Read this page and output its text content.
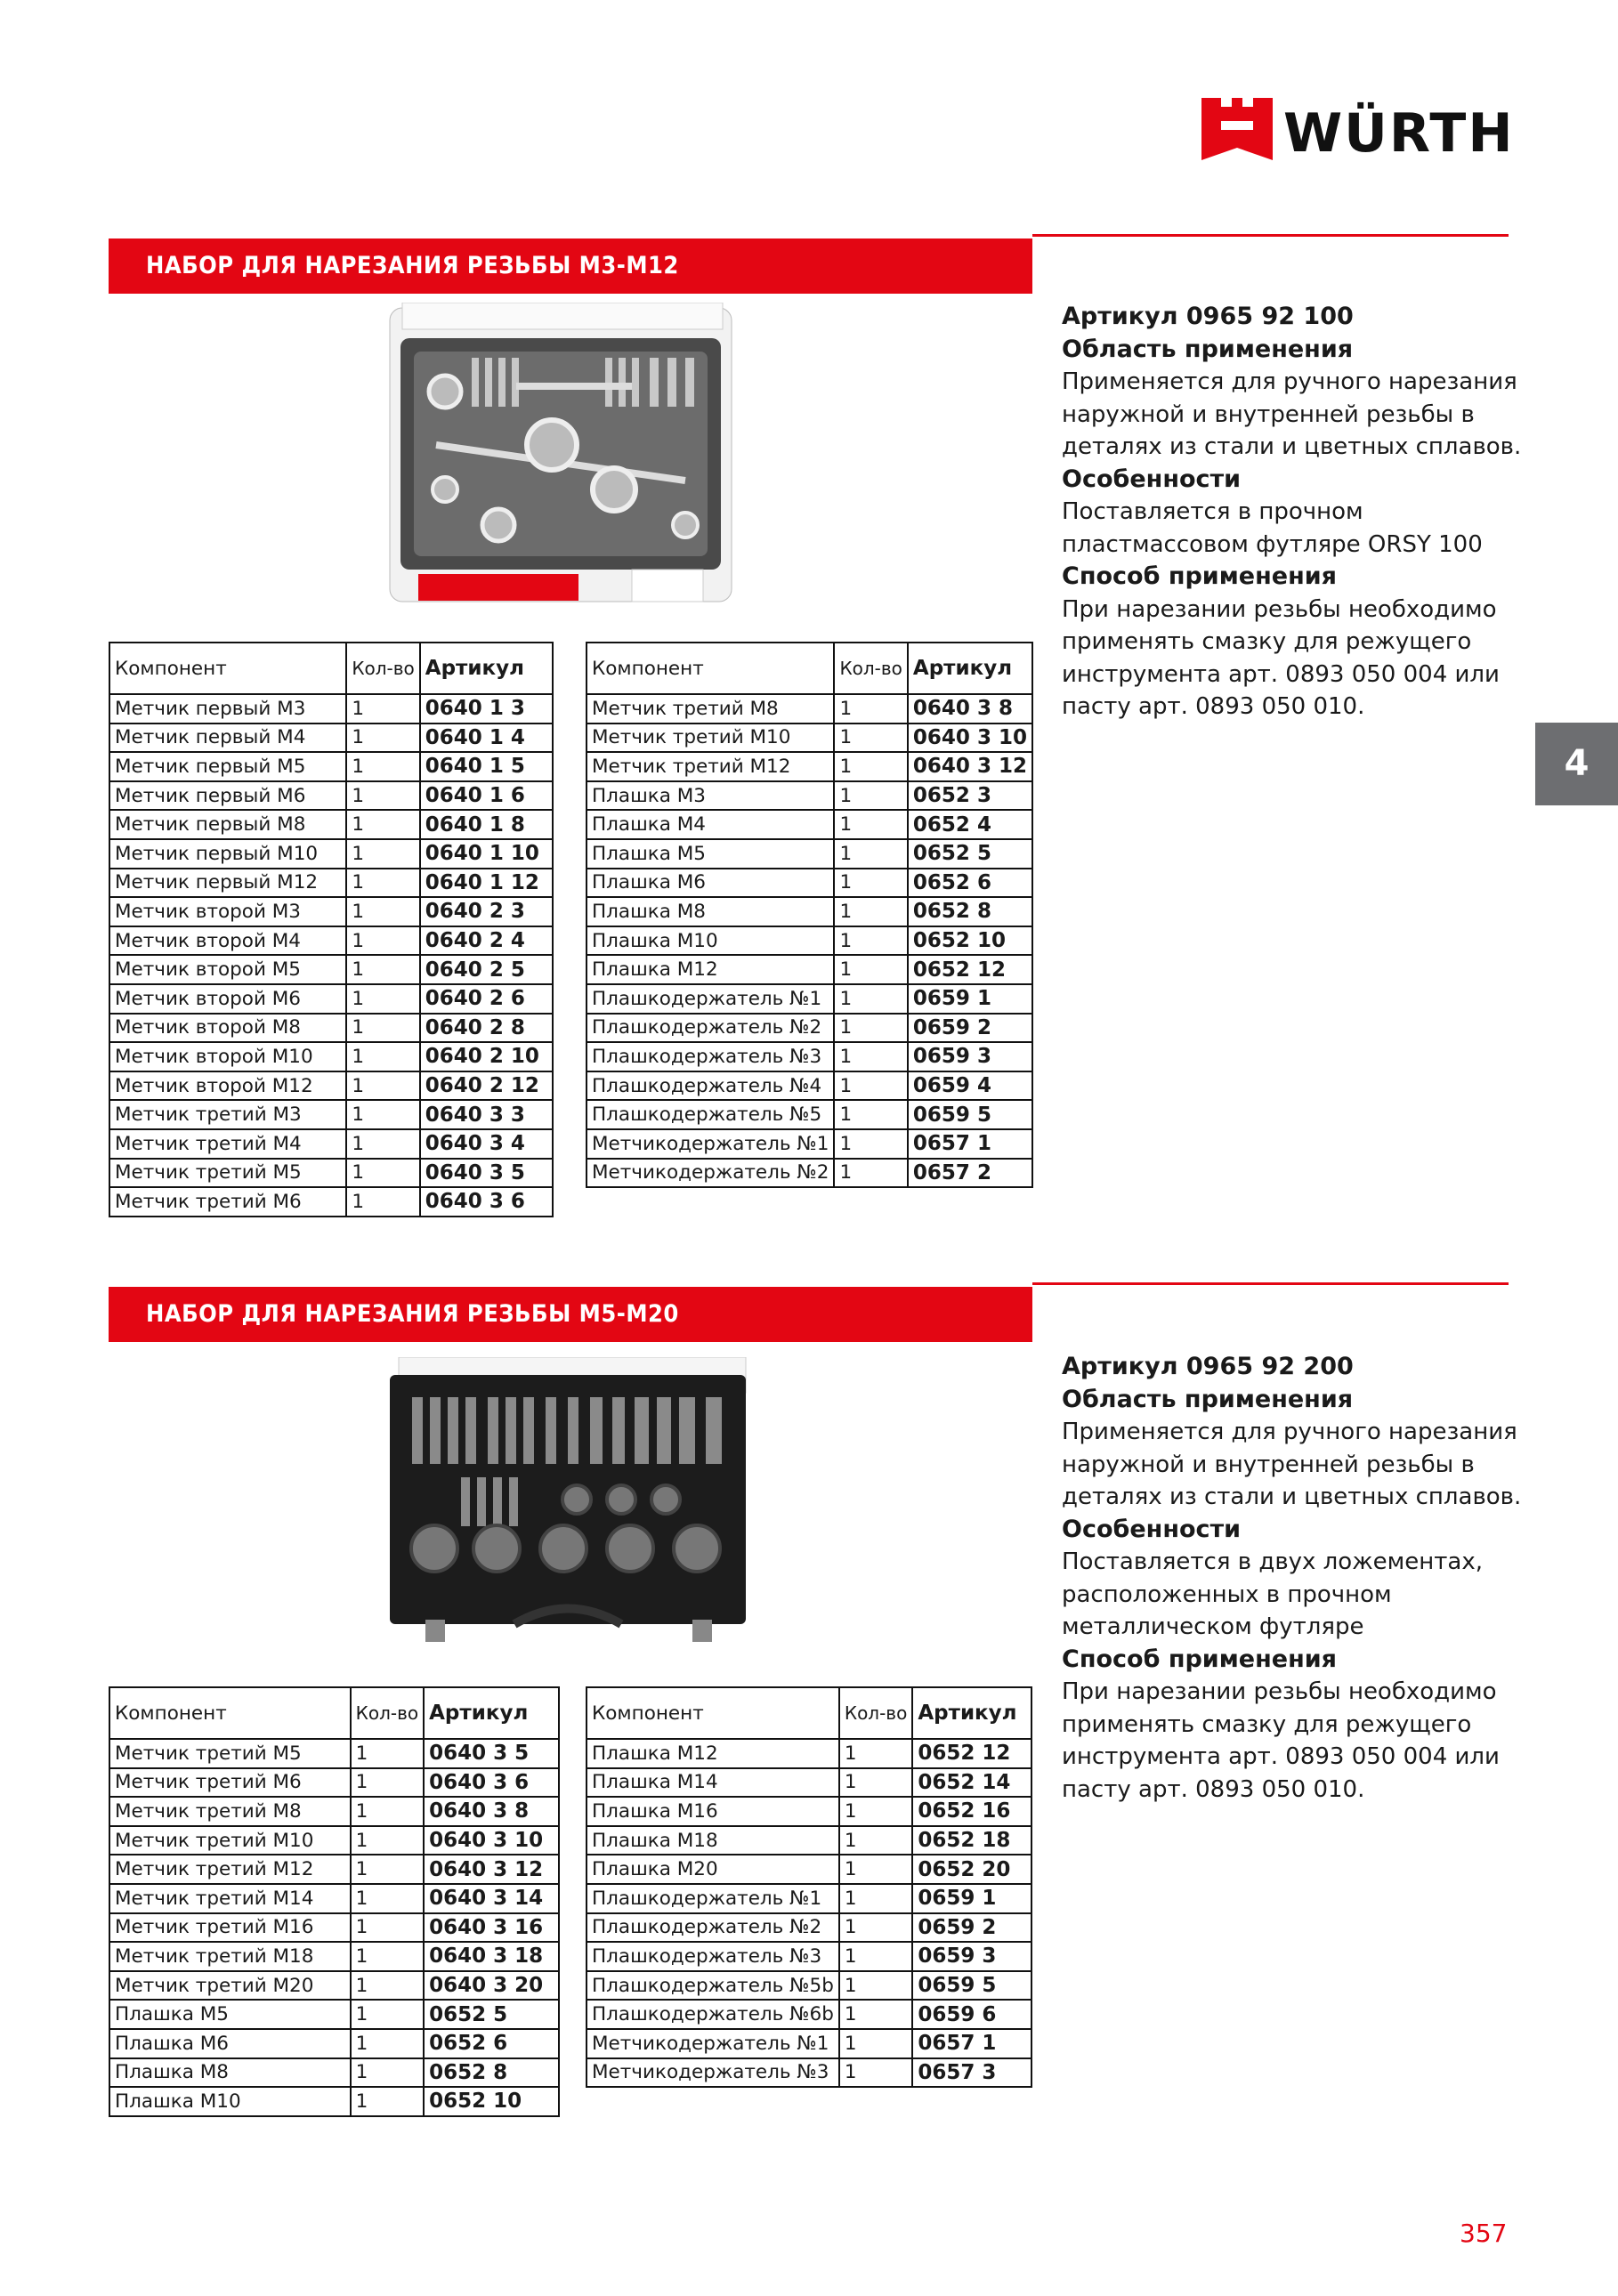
WÜRTH
4
357
НАБОР ДЛЯ НАРЕЗАНИЯ РЕЗЬБЫ М3-М12

Артикул 0965 92 100

Область применения

Применяется для ручного нарезания наружной и внутренней резьбы в деталях из стали и цветных сплавов.

Особенности

Поставляется в прочном пластмассовом футляре ORSY 100

Способ применения

При нарезании резьбы необходимо применять смазку для режущего инструмента арт. 0893 050 004 или пасту арт. 0893 050 010.

Компонент	Кол-во	Артикул
Метчик первый М3	1	0640 1 3
Метчик первый М4	1	0640 1 4
Метчик первый М5	1	0640 1 5
Метчик первый М6	1	0640 1 6
Метчик первый М8	1	0640 1 8
Метчик первый М10	1	0640 1 10
Метчик первый М12	1	0640 1 12
Метчик второй М3	1	0640 2 3
Метчик второй М4	1	0640 2 4
Метчик второй М5	1	0640 2 5
Метчик второй М6	1	0640 2 6
Метчик второй М8	1	0640 2 8
Метчик второй М10	1	0640 2 10
Метчик второй М12	1	0640 2 12
Метчик третий М3	1	0640 3 3
Метчик третий М4	1	0640 3 4
Метчик третий М5	1	0640 3 5
Метчик третий М6	1	0640 3 6
Компонент	Кол-во	Артикул
Метчик третий М8	1	0640 3 8
Метчик третий М10	1	0640 3 10
Метчик третий М12	1	0640 3 12
Плашка М3	1	0652 3
Плашка М4	1	0652 4
Плашка М5	1	0652 5
Плашка М6	1	0652 6
Плашка М8	1	0652 8
Плашка М10	1	0652 10
Плашка М12	1	0652 12
Плашкодержатель №1	1	0659 1
Плашкодержатель №2	1	0659 2
Плашкодержатель №3	1	0659 3
Плашкодержатель №4	1	0659 4
Плашкодержатель №5	1	0659 5
Метчикодержатель №1	1	0657 1
Метчикодержатель №2	1	0657 2
НАБОР ДЛЯ НАРЕЗАНИЯ РЕЗЬБЫ М5-М20

Артикул 0965 92 200

Область применения

Применяется для ручного нарезания наружной и внутренней резьбы в деталях из стали и цветных сплавов.

Особенности

Поставляется в двух ложементах, расположенных в прочном металлическом футляре

Способ применения

При нарезании резьбы необходимо применять смазку для режущего инструмента арт. 0893 050 004 или пасту арт. 0893 050 010.

Компонент	Кол-во	Артикул
Метчик третий М5	1	0640 3 5
Метчик третий М6	1	0640 3 6
Метчик третий М8	1	0640 3 8
Метчик третий М10	1	0640 3 10
Метчик третий М12	1	0640 3 12
Метчик третий М14	1	0640 3 14
Метчик третий М16	1	0640 3 16
Метчик третий М18	1	0640 3 18
Метчик третий М20	1	0640 3 20
Плашка М5	1	0652 5
Плашка М6	1	0652 6
Плашка М8	1	0652 8
Плашка М10	1	0652 10
Компонент	Кол-во	Артикул
Плашка М12	1	0652 12
Плашка М14	1	0652 14
Плашка М16	1	0652 16
Плашка М18	1	0652 18
Плашка М20	1	0652 20
Плашкодержатель №1	1	0659 1
Плашкодержатель №2	1	0659 2
Плашкодержатель №3	1	0659 3
Плашкодержатель №5b	1	0659 5
Плашкодержатель №6b	1	0659 6
Метчикодержатель №1	1	0657 1
Метчикодержатель №3	1	0657 3
